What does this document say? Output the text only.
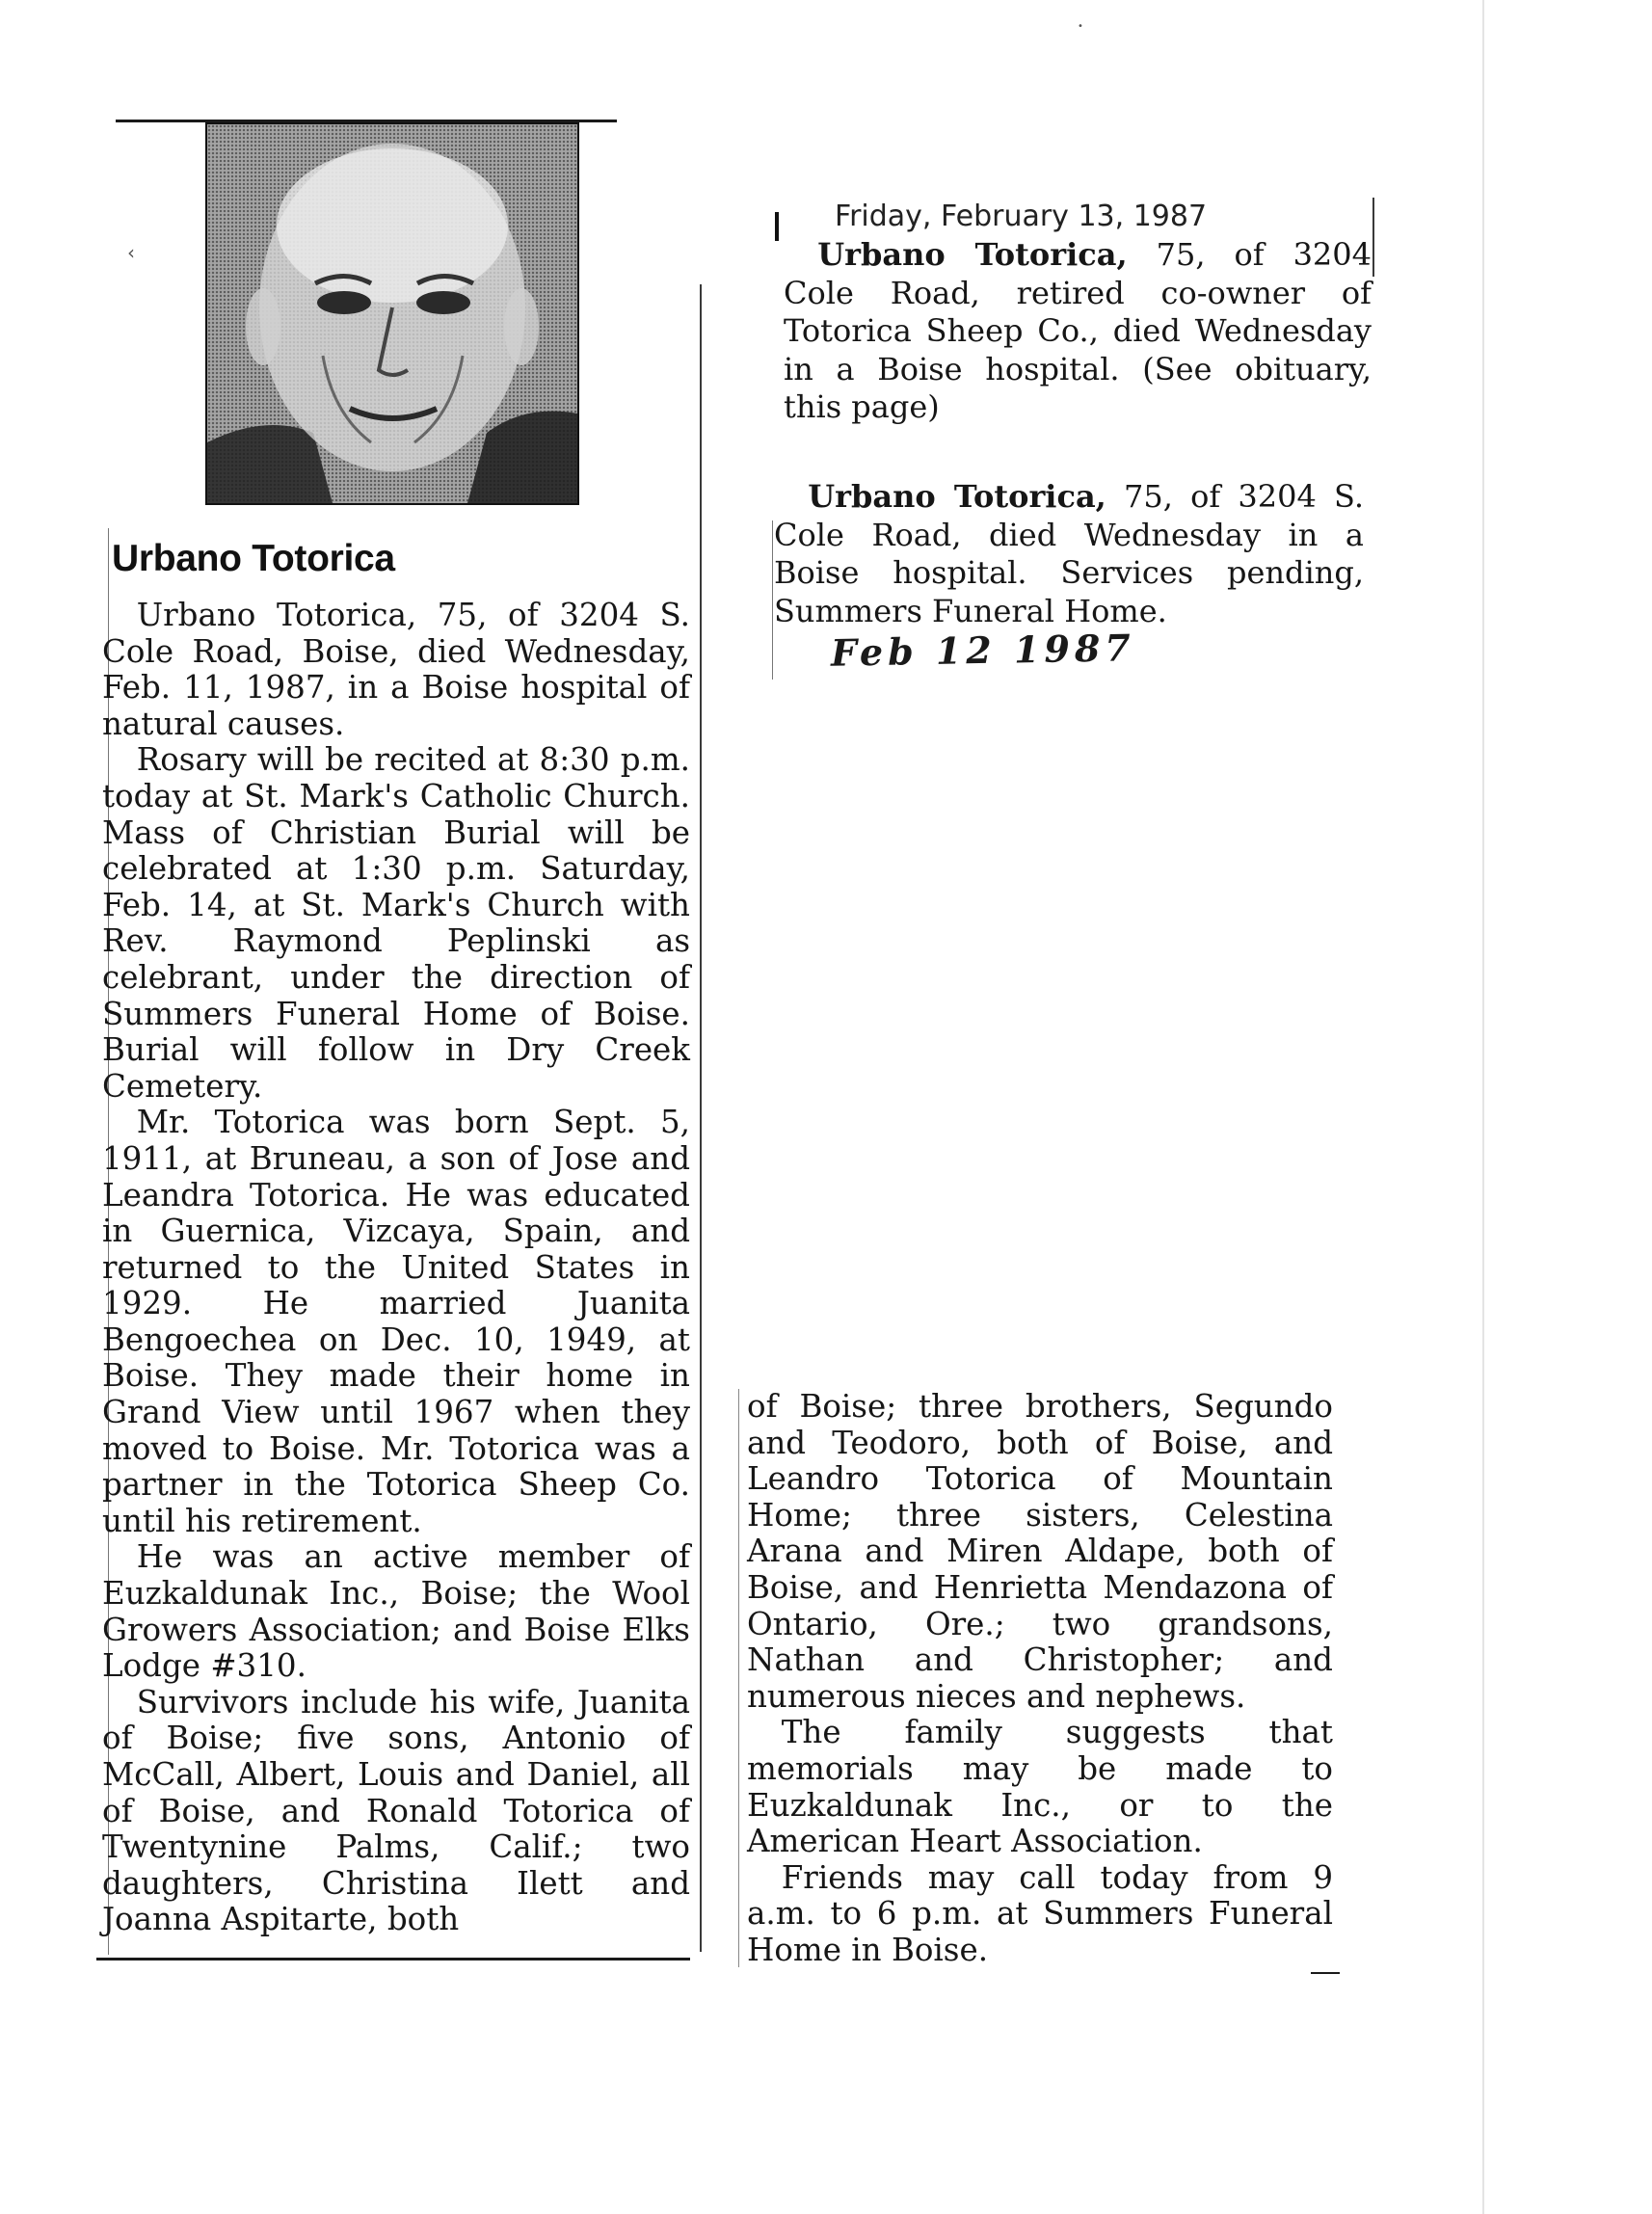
Urbano Totorica

Urbano Totorica, 75, of 3204 S. Cole Road, Boise, died Wednesday, Feb. 11, 1987, in a Boise hospital of natural causes.

Rosary will be recited at 8:30 p.m. today at St. Mark's Catholic Church. Mass of Christian Burial will be celebrated at 1:30 p.m. Saturday, Feb. 14, at St. Mark's Church with Rev. Raymond Peplinski as celebrant, under the direction of Summers Funeral Home of Boise. Burial will follow in Dry Creek Cemetery.

Mr. Totorica was born Sept. 5, 1911, at Bruneau, a son of Jose and Leandra Totorica. He was educated in Guernica, Vizcaya, Spain, and returned to the United States in 1929. He married Juanita Bengoechea on Dec. 10, 1949, at Boise. They made their home in Grand View until 1967 when they moved to Boise. Mr. Totorica was a partner in the Totorica Sheep Co. until his retirement.

He was an active member of Euzkaldunak Inc., Boise; the Wool Growers Association; and Boise Elks Lodge #310.

Survivors include his wife, Juanita of Boise; five sons, Antonio of McCall, Albert, Louis and Daniel, all of Boise, and Ronald Totorica of Twentynine Palms, Calif.; two daughters, Christina Ilett and Joanna Aspitarte, both

of Boise; three brothers, Segundo and Teodoro, both of Boise, and Leandro Totorica of Mountain Home; three sisters, Celestina Arana and Miren Aldape, both of Boise, and Henrietta Mendazona of Ontario, Ore.; two grandsons, Nathan and Christopher; and numerous nieces and nephews.

The family suggests that memorials may be made to Euzkaldunak Inc., or to the American Heart Association.

Friends may call today from 9 a.m. to 6 p.m. at Summers Funeral Home in Boise.

Friday, February 13, 1987

Urbano Totorica, 75, of 3204 Cole Road, retired co-owner of Totorica Sheep Co., died Wednesday in a Boise hospital. (See obituary, this page)

Urbano Totorica, 75, of 3204 S. Cole Road, died Wednesday in a Boise hospital. Services pending, Summers Funeral Home.

Feb 12 1987
‹
•
